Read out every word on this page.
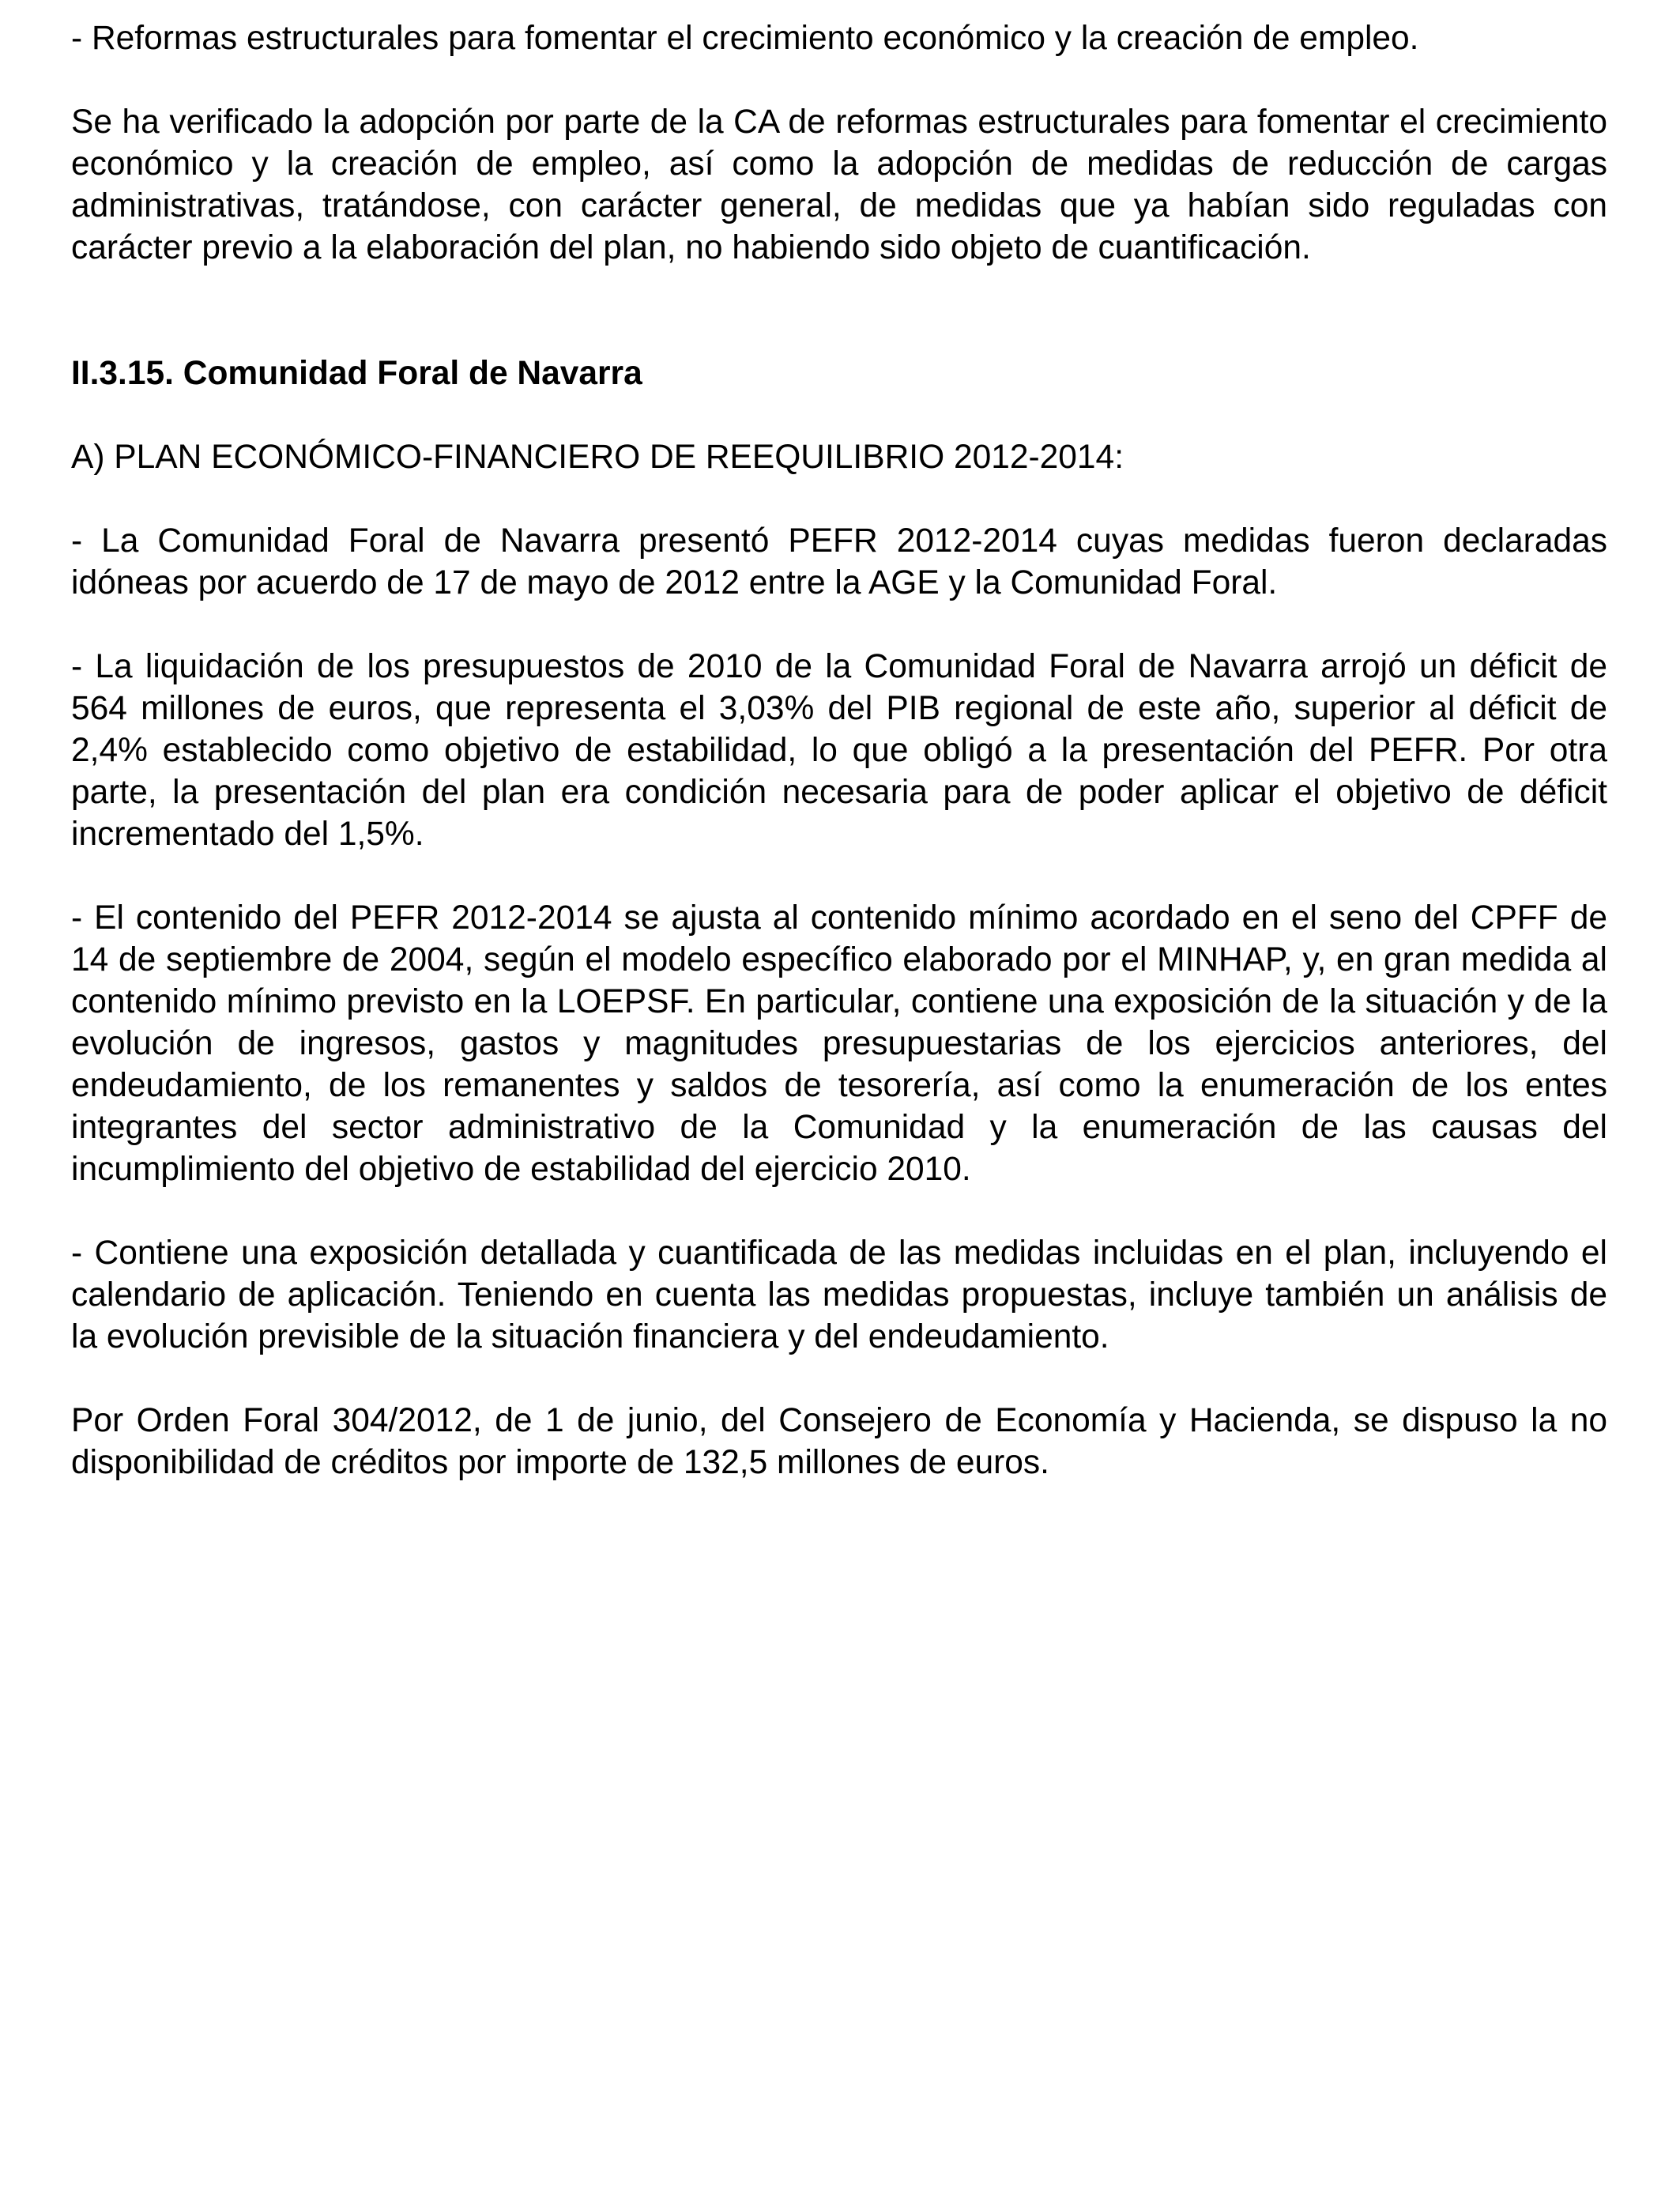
- Reformas estructurales para fomentar el crecimiento económico y la creación de empleo.

Se ha verificado la adopción por parte de la CA de reformas estructurales para fomentar el crecimiento económico y la creación de empleo, así como la adopción de medidas de reducción de cargas administrativas, tratándose, con carácter general, de medidas que ya habían sido reguladas con carácter previo a la elaboración del plan, no habiendo sido objeto de cuantificación.

II.3.15. Comunidad Foral de Navarra

A) PLAN ECONÓMICO-FINANCIERO DE REEQUILIBRIO 2012-2014:

- La Comunidad Foral de Navarra presentó PEFR 2012-2014 cuyas medidas fueron declaradas idóneas por acuerdo de 17 de mayo de 2012 entre la AGE y la Comunidad Foral.

- La liquidación de los presupuestos de 2010 de la Comunidad Foral de Navarra arrojó un déficit de 564 millones de euros, que representa el 3,03% del PIB regional de este año, superior al déficit de 2,4% establecido como objetivo de estabilidad, lo que obligó a la presentación del PEFR. Por otra parte, la presentación del plan era condición necesaria para de poder aplicar el objetivo de déficit incrementado del 1,5%.

- El contenido del PEFR 2012-2014 se ajusta al contenido mínimo acordado en el seno del CPFF de 14 de septiembre de 2004, según el modelo específico elaborado por el MINHAP, y, en gran medida al contenido mínimo previsto en la LOEPSF. En particular, contiene una exposición de la situación y de la evolución de ingresos, gastos y magnitudes presupuestarias de los ejercicios anteriores, del endeudamiento, de los remanentes y saldos de tesorería, así como la enumeración de los entes integrantes del sector administrativo de la Comunidad y la enumeración de las causas del incumplimiento del objetivo de estabilidad del ejercicio 2010.

- Contiene una exposición detallada y cuantificada de las medidas incluidas en el plan, incluyendo el calendario de aplicación. Teniendo en cuenta las medidas propuestas, incluye también un análisis de la evolución previsible de la situación financiera y del endeudamiento.

Por Orden Foral 304/2012, de 1 de junio, del Consejero de Economía y Hacienda, se dispuso la no disponibilidad de créditos por importe de 132,5 millones de euros.
